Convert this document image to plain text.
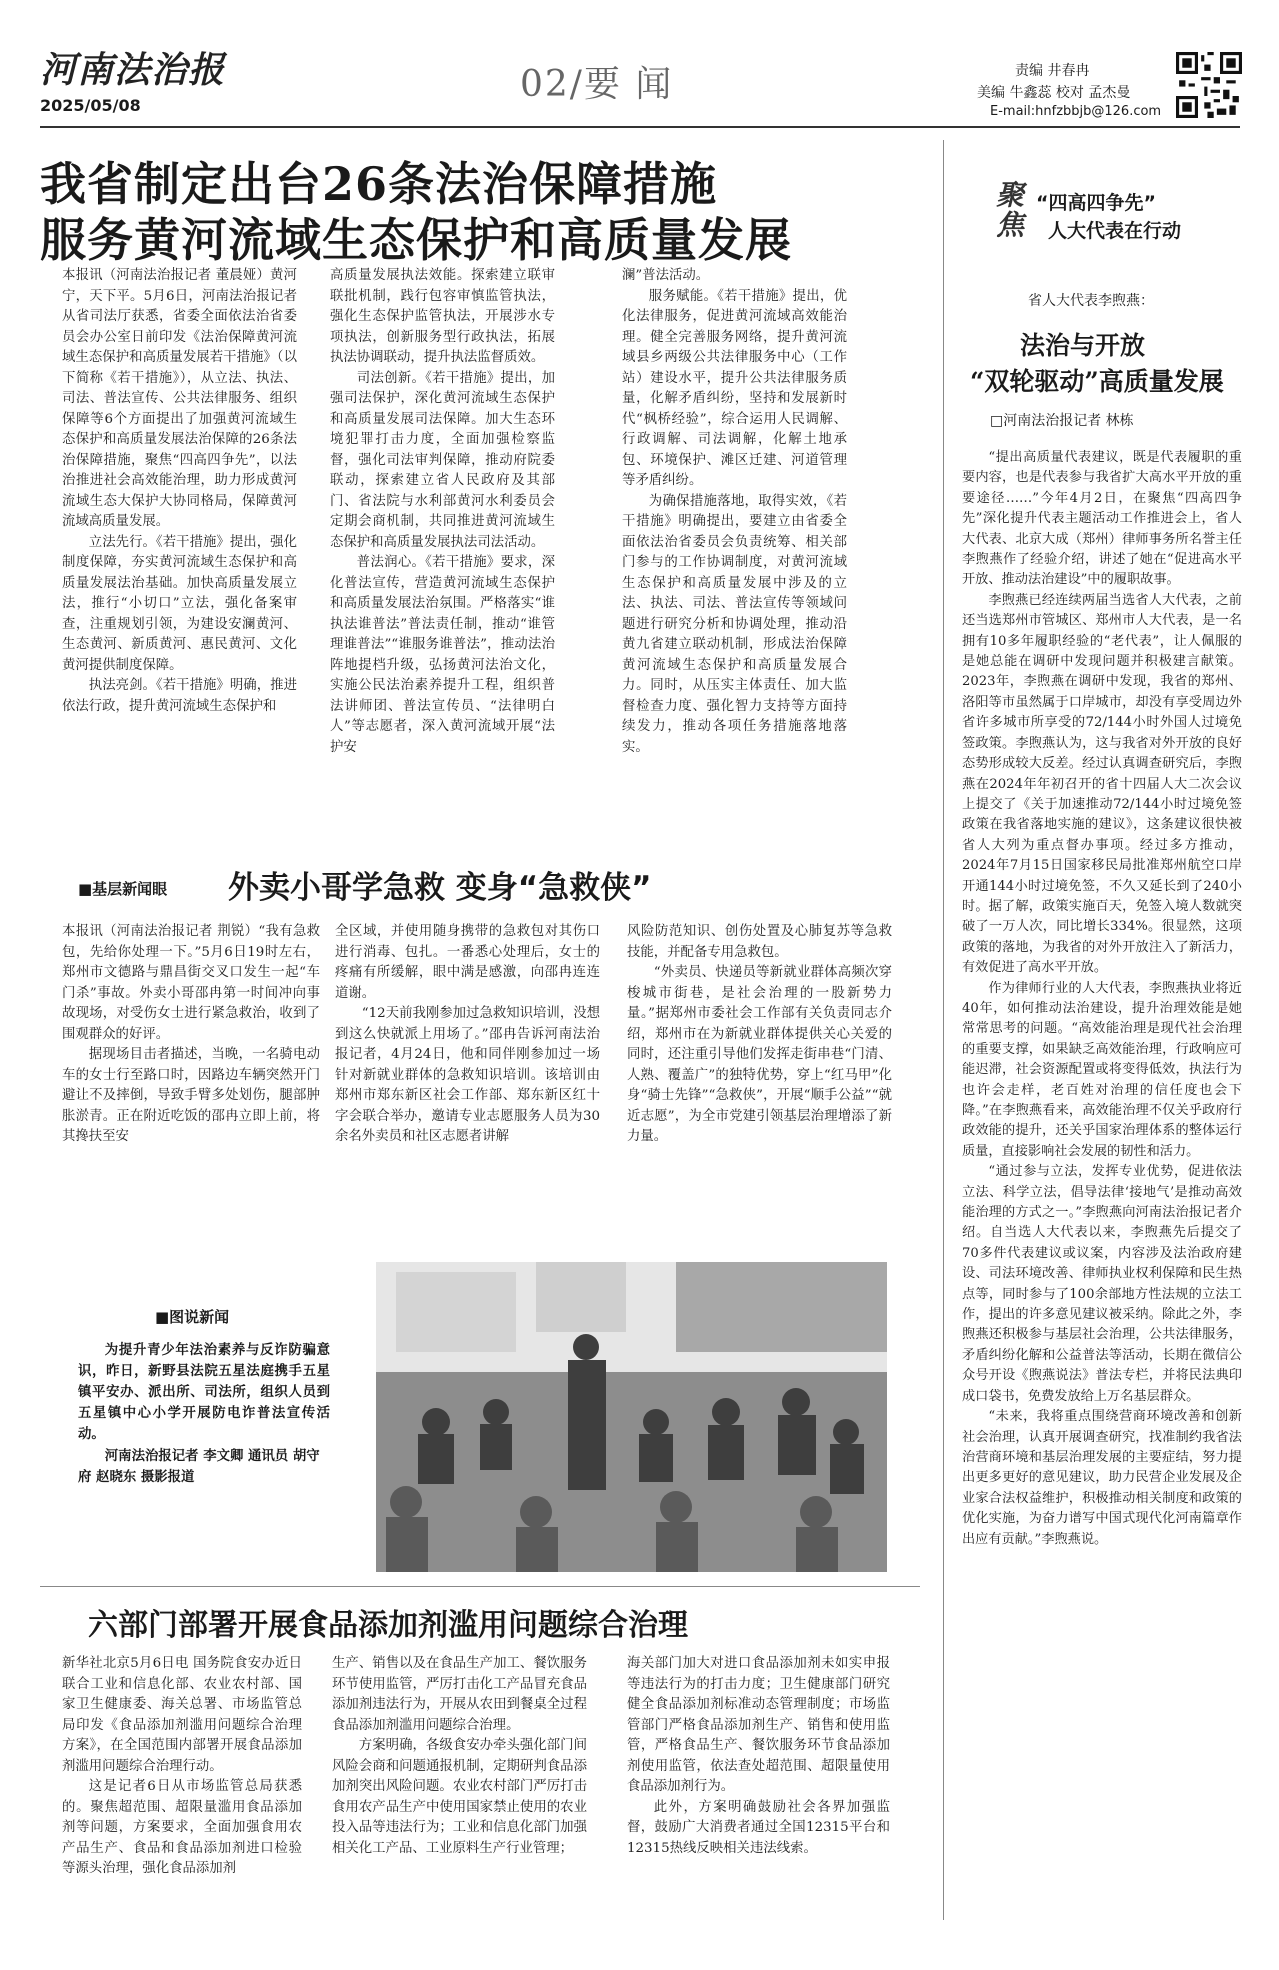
河南法治报
2025/05/08
02/要 闻	责编 井春冉
美编 牛鑫蕊 校对 孟杰曼
E-mail:hnfzbbjb@126.com
我省制定出台26条法治保障措施
服务黄河流域生态保护和高质量发展

本报讯（河南法治报记者 董晨娅）黄河宁，天下平。5月6日，河南法治报记者从省司法厅获悉，省委全面依法治省委员会办公室日前印发《法治保障黄河流域生态保护和高质量发展若干措施》（以下简称《若干措施》），从立法、执法、司法、普法宣传、公共法律服务、组织保障等6个方面提出了加强黄河流域生态保护和高质量发展法治保障的26条法治保障措施，聚焦“四高四争先”，以法治推进社会高效能治理，助力形成黄河流域生态大保护大协同格局，保障黄河流域高质量发展。

立法先行。《若干措施》提出，强化制度保障，夯实黄河流域生态保护和高质量发展法治基础。加快高质量发展立法，推行“小切口”立法，强化备案审查，注重规划引领，为建设安澜黄河、生态黄河、新质黄河、惠民黄河、文化黄河提供制度保障。

执法亮剑。《若干措施》明确，推进依法行政，提升黄河流域生态保护和

高质量发展执法效能。探索建立联审联批机制，践行包容审慎监管执法，强化生态保护监管执法，开展涉水专项执法，创新服务型行政执法，拓展执法协调联动，提升执法监督质效。

司法创新。《若干措施》提出，加强司法保护，深化黄河流域生态保护和高质量发展司法保障。加大生态环境犯罪打击力度，全面加强检察监督，强化司法审判保障，推动府院委联动，探索建立省人民政府及其部门、省法院与水利部黄河水利委员会定期会商机制，共同推进黄河流域生态保护和高质量发展执法司法活动。

普法润心。《若干措施》要求，深化普法宣传，营造黄河流域生态保护和高质量发展法治氛围。严格落实“谁执法谁普法”普法责任制，推动“谁管理谁普法”“谁服务谁普法”，推动法治阵地提档升级，弘扬黄河法治文化，实施公民法治素养提升工程，组织普法讲师团、普法宣传员、“法律明白人”等志愿者，深入黄河流域开展“法护安

澜”普法活动。

服务赋能。《若干措施》提出，优化法律服务，促进黄河流域高效能治理。健全完善服务网络，提升黄河流域县乡两级公共法律服务中心（工作站）建设水平，提升公共法律服务质量，化解矛盾纠纷，坚持和发展新时代“枫桥经验”，综合运用人民调解、行政调解、司法调解，化解土地承包、环境保护、滩区迁建、河道管理等矛盾纠纷。

为确保措施落地，取得实效，《若干措施》明确提出，要建立由省委全面依法治省委员会负责统筹、相关部门参与的工作协调制度，对黄河流域生态保护和高质量发展中涉及的立法、执法、司法、普法宣传等领域问题进行研究分析和协调处理，推动沿黄九省建立联动机制，形成法治保障黄河流域生态保护和高质量发展合力。同时，从压实主体责任、加大监督检查力度、强化智力支持等方面持续发力，推动各项任务措施落地落实。

聚焦 “四高四争先”
人大代表在行动
省人大代表李煦燕：
法治与开放
“双轮驱动”高质量发展
□河南法治报记者 林栋

“提出高质量代表建议，既是代表履职的重要内容，也是代表参与我省扩大高水平开放的重要途径……”今年4月2日，在聚焦“四高四争先”深化提升代表主题活动工作推进会上，省人大代表、北京大成（郑州）律师事务所名誉主任李煦燕作了经验介绍，讲述了她在“促进高水平开放、推动法治建设”中的履职故事。

李煦燕已经连续两届当选省人大代表，之前还当选郑州市管城区、郑州市人大代表，是一名拥有10多年履职经验的“老代表”，让人佩服的是她总能在调研中发现问题并积极建言献策。2023年，李煦燕在调研中发现，我省的郑州、洛阳等市虽然属于口岸城市，却没有享受周边外省许多城市所享受的72/144小时外国人过境免签政策。李煦燕认为，这与我省对外开放的良好态势形成较大反差。经过认真调查研究后，李煦燕在2024年年初召开的省十四届人大二次会议上提交了《关于加速推动72/144小时过境免签政策在我省落地实施的建议》，这条建议很快被省人大列为重点督办事项。经过多方推动，2024年7月15日国家移民局批准郑州航空口岸开通144小时过境免签，不久又延长到了240小时。据了解，政策实施百天，免签入境人数就突破了一万人次，同比增长334%。很显然，这项政策的落地，为我省的对外开放注入了新活力，有效促进了高水平开放。

作为律师行业的人大代表，李煦燕执业将近40年，如何推动法治建设，提升治理效能是她常常思考的问题。“高效能治理是现代社会治理的重要支撑，如果缺乏高效能治理，行政响应可能迟滞，社会资源配置或将变得低效，执法行为也许会走样，老百姓对治理的信任度也会下降。”在李煦燕看来，高效能治理不仅关乎政府行政效能的提升，还关乎国家治理体系的整体运行质量，直接影响社会发展的韧性和活力。

“通过参与立法，发挥专业优势，促进依法立法、科学立法，倡导法律‘接地气’是推动高效能治理的方式之一。”李煦燕向河南法治报记者介绍。自当选人大代表以来，李煦燕先后提交了70多件代表建议或议案，内容涉及法治政府建设、司法环境改善、律师执业权利保障和民生热点等，同时参与了100余部地方性法规的立法工作，提出的许多意见建议被采纳。除此之外，李煦燕还积极参与基层社会治理，公共法律服务，矛盾纠纷化解和公益普法等活动，长期在微信公众号开设《煦燕说法》普法专栏，并将民法典印成口袋书，免费发放给上万名基层群众。

“未来，我将重点围绕营商环境改善和创新社会治理，认真开展调查研究，找准制约我省法治营商环境和基层治理发展的主要症结，努力提出更多更好的意见建议，助力民营企业发展及企业家合法权益维护，积极推动相关制度和政策的优化实施，为奋力谱写中国式现代化河南篇章作出应有贡献。”李煦燕说。

■基层新闻眼 外卖小哥学急救 变身“急救侠”

本报讯（河南法治报记者 荆锐）“我有急救包，先给你处理一下。”5月6日19时左右，郑州市文德路与鼎昌街交叉口发生一起“车门杀”事故。外卖小哥邵冉第一时间冲向事故现场，对受伤女士进行紧急救治，收到了围观群众的好评。

据现场目击者描述，当晚，一名骑电动车的女士行至路口时，因路边车辆突然开门避让不及摔倒，导致手臂多处划伤，腿部肿胀淤青。正在附近吃饭的邵冉立即上前，将其搀扶至安

全区域，并使用随身携带的急救包对其伤口进行消毒、包扎。一番悉心处理后，女士的疼痛有所缓解，眼中满是感激，向邵冉连连道谢。

“12天前我刚参加过急救知识培训，没想到这么快就派上用场了。”邵冉告诉河南法治报记者，4月24日，他和同伴刚参加过一场针对新就业群体的急救知识培训。该培训由郑州市郑东新区社会工作部、郑东新区红十字会联合举办，邀请专业志愿服务人员为30余名外卖员和社区志愿者讲解

风险防范知识、创伤处置及心肺复苏等急救技能，并配备专用急救包。

“外卖员、快递员等新就业群体高频次穿梭城市街巷，是社会治理的一股新势力量。”据郑州市委社会工作部有关负责同志介绍，郑州市在为新就业群体提供关心关爱的同时，还注重引导他们发挥走街串巷“门清、人熟、覆盖广”的独特优势，穿上“红马甲”化身“骑士先锋”“急救侠”，开展“顺手公益”“就近志愿”，为全市党建引领基层治理增添了新力量。

■图说新闻
为提升青少年法治素养与反诈防骗意识，昨日，新野县法院五星法庭携手五星镇平安办、派出所、司法所，组织人员到五星镇中心小学开展防电诈普法宣传活动。
河南法治报记者 李文卿 通讯员 胡守府 赵晓东 摄影报道
六部门部署开展食品添加剂滥用问题综合治理

新华社北京5月6日电 国务院食安办近日联合工业和信息化部、农业农村部、国家卫生健康委、海关总署、市场监管总局印发《食品添加剂滥用问题综合治理方案》，在全国范围内部署开展食品添加剂滥用问题综合治理行动。

这是记者6日从市场监管总局获悉的。聚焦超范围、超限量滥用食品添加剂等问题，方案要求，全面加强食用农产品生产、食品和食品添加剂进口检验等源头治理，强化食品添加剂

生产、销售以及在食品生产加工、餐饮服务环节使用监管，严厉打击化工产品冒充食品添加剂违法行为，开展从农田到餐桌全过程食品添加剂滥用问题综合治理。

方案明确，各级食安办牵头强化部门间风险会商和问题通报机制，定期研判食品添加剂突出风险问题。农业农村部门严厉打击食用农产品生产中使用国家禁止使用的农业投入品等违法行为；工业和信息化部门加强相关化工产品、工业原料生产行业管理；

海关部门加大对进口食品添加剂未如实申报等违法行为的打击力度；卫生健康部门研究健全食品添加剂标准动态管理制度；市场监管部门严格食品添加剂生产、销售和使用监管，严格食品生产、餐饮服务环节食品添加剂使用监管，依法查处超范围、超限量使用食品添加剂行为。

此外，方案明确鼓励社会各界加强监督，鼓励广大消费者通过全国12315平台和12315热线反映相关违法线索。
